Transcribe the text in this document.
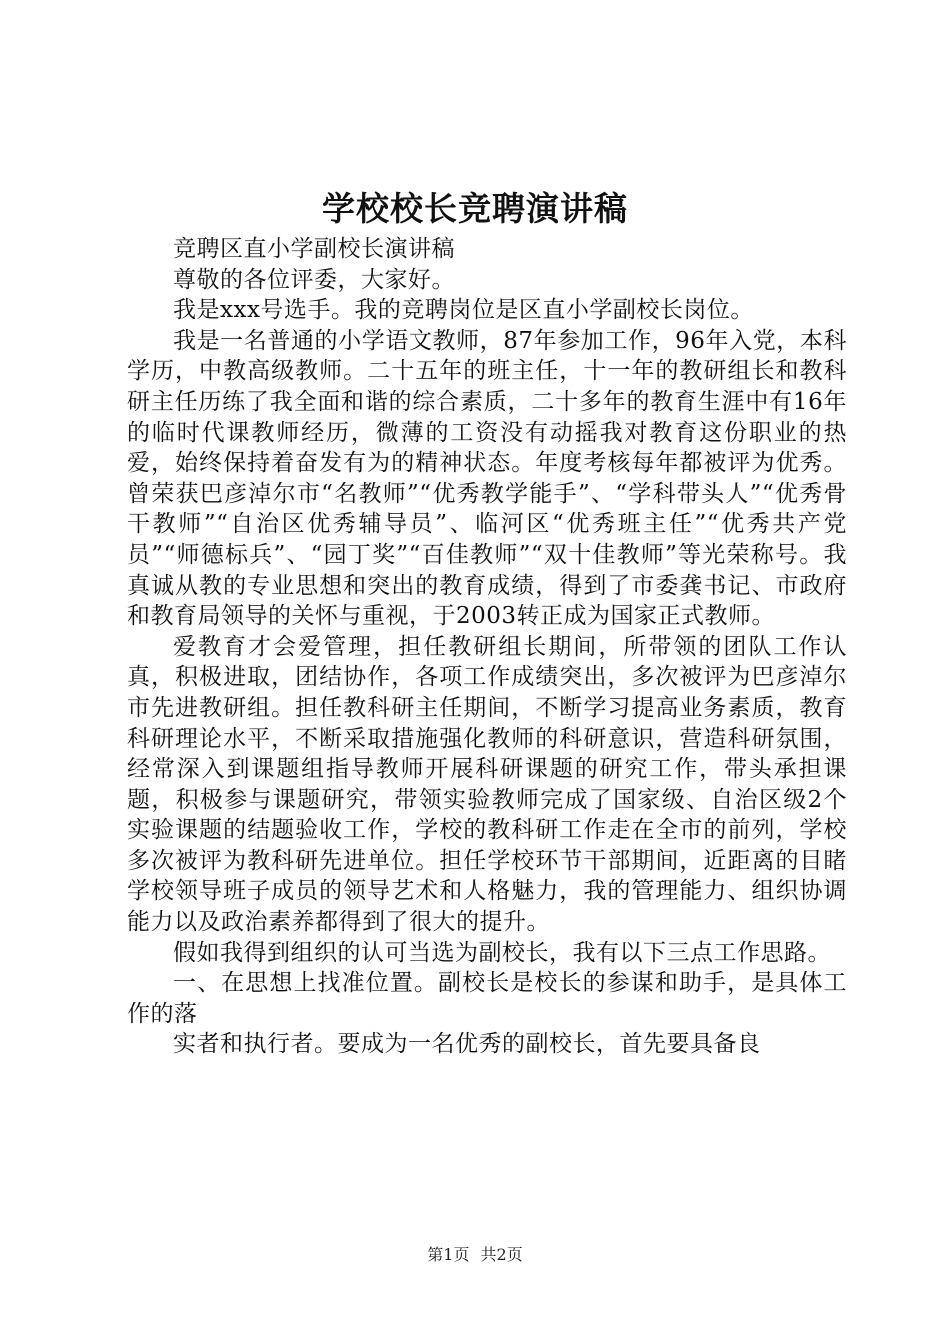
学校校长竞聘演讲稿

竞聘区直小学副校长演讲稿

尊敬的各位评委，大家好。

我是xxx号选手。我的竞聘岗位是区直小学副校长岗位。

我是一名普通的小学语文教师，87年参加工作，96年入党，本科学历，中教高级教师。二十五年的班主任，十一年的教研组长和教科研主任历练了我全面和谐的综合素质，二十多年的教育生涯中有16年的临时代课教师经历，微薄的工资没有动摇我对教育这份职业的热爱，始终保持着奋发有为的精神状态。年度考核每年都被评为优秀。曾荣获巴彦淖尔市“名教师”“优秀教学能手”、“学科带头人”“优秀骨干教师”“自治区优秀辅导员”、临河区“优秀班主任”“优秀共产党员”“师德标兵”、“园丁奖”“百佳教师”“双十佳教师”等光荣称号。我真诚从教的专业思想和突出的教育成绩，得到了市委龚书记、市政府和教育局领导的关怀与重视，于2003转正成为国家正式教师。

爱教育才会爱管理，担任教研组长期间，所带领的团队工作认真，积极进取，团结协作，各项工作成绩突出，多次被评为巴彦淖尔市先进教研组。担任教科研主任期间，不断学习提高业务素质，教育科研理论水平，不断采取措施强化教师的科研意识，营造科研氛围，经常深入到课题组指导教师开展科研课题的研究工作，带头承担课题，积极参与课题研究，带领实验教师完成了国家级、自治区级2个实验课题的结题验收工作，学校的教科研工作走在全市的前列，学校多次被评为教科研先进单位。担任学校环节干部期间，近距离的目睹学校领导班子成员的领导艺术和人格魅力，我的管理能力、组织协调能力以及政治素养都得到了很大的提升。

假如我得到组织的认可当选为副校长，我有以下三点工作思路。

一、在思想上找准位置。副校长是校长的参谋和助手，是具体工作的落

实者和执行者。要成为一名优秀的副校长，首先要具备良

第1页 共2页
